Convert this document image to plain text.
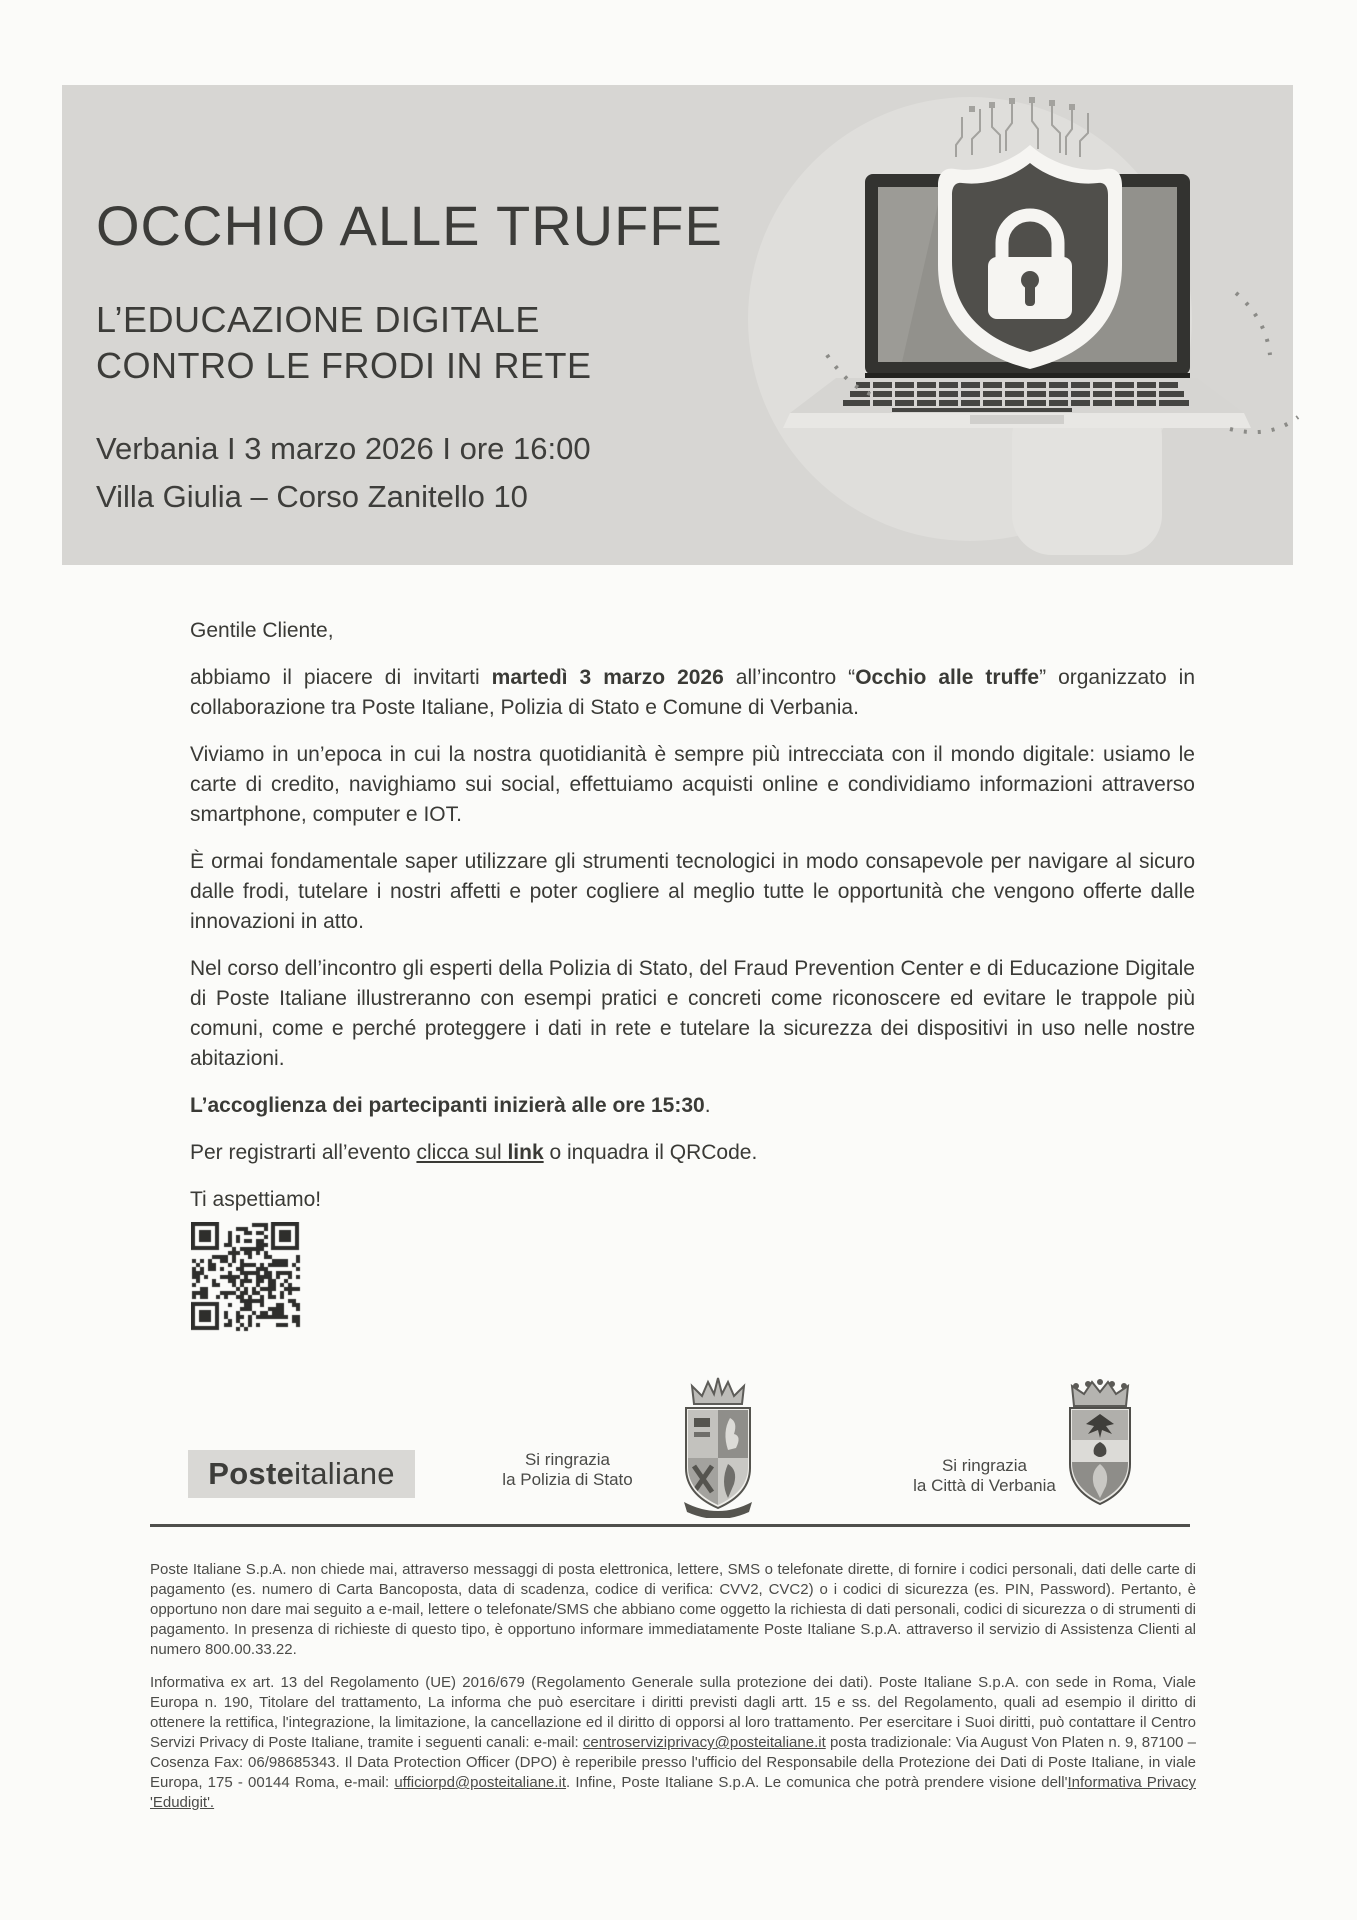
OCCHIO ALLE TRUFFE
L’EDUCAZIONE DIGITALE
CONTRO LE FRODI IN RETE
Verbania I 3 marzo 2026 I ore 16:00
Villa Giulia – Corso Zanitello 10

Gentile Cliente,

abbiamo il piacere di invitarti martedì 3 marzo 2026 all’incontro “Occhio alle truffe” organizzato in collaborazione tra Poste Italiane, Polizia di Stato e Comune di Verbania.

Viviamo in un’epoca in cui la nostra quotidianità è sempre più intrecciata con il mondo digitale: usiamo le carte di credito, navighiamo sui social, effettuiamo acquisti online e condividiamo informazioni attraverso smartphone, computer e IOT.

È ormai fondamentale saper utilizzare gli strumenti tecnologici in modo consapevole per navigare al sicuro dalle frodi, tutelare i nostri affetti e poter cogliere al meglio tutte le opportunità che vengono offerte dalle innovazioni in atto.

Nel corso dell’incontro gli esperti della Polizia di Stato, del Fraud Prevention Center e di Educazione Digitale di Poste Italiane illustreranno con esempi pratici e concreti come riconoscere ed evitare le trappole più comuni, come e perché proteggere i dati in rete e tutelare la sicurezza dei dispositivi in uso nelle nostre abitazioni.

L’accoglienza dei partecipanti inizierà alle ore 15:30.

Per registrarti all’evento clicca sul link o inquadra il QRCode.

Ti aspettiamo!

Poste italiane	Si ringrazia
la Polizia di Stato
Si ringrazia
la Città di Verbania

Poste Italiane S.p.A. non chiede mai, attraverso messaggi di posta elettronica, lettere, SMS o telefonate dirette, di fornire i codici personali, dati delle carte di pagamento (es. numero di Carta Bancoposta, data di scadenza, codice di verifica: CVV2, CVC2) o i codici di sicurezza (es. PIN, Password). Pertanto, è opportuno non dare mai seguito a e-mail, lettere o telefonate/SMS che abbiano come oggetto la richiesta di dati personali, codici di sicurezza o di strumenti di pagamento. In presenza di richieste di questo tipo, è opportuno informare immediatamente Poste Italiane S.p.A. attraverso il servizio di Assistenza Clienti al numero 800.00.33.22.

Informativa ex art. 13 del Regolamento (UE) 2016/679 (Regolamento Generale sulla protezione dei dati). Poste Italiane S.p.A. con sede in Roma, Viale Europa n. 190, Titolare del trattamento, La informa che può esercitare i diritti previsti dagli artt. 15 e ss. del Regolamento, quali ad esempio il diritto di ottenere la rettifica, l'integrazione, la limitazione, la cancellazione ed il diritto di opporsi al loro trattamento. Per esercitare i Suoi diritti, può contattare il Centro Servizi Privacy di Poste Italiane, tramite i seguenti canali: e-mail: centroserviziprivacy@posteitaliane.it posta tradizionale: Via August Von Platen n. 9, 87100 – Cosenza Fax: 06/98685343. Il Data Protection Officer (DPO) è reperibile presso l'ufficio del Responsabile della Protezione dei Dati di Poste Italiane, in viale Europa, 175 - 00144 Roma, e-mail: ufficiorpd@posteitaliane.it. Infine, Poste Italiane S.p.A. Le comunica che potrà prendere visione dell'Informativa Privacy 'Edudigit'.
